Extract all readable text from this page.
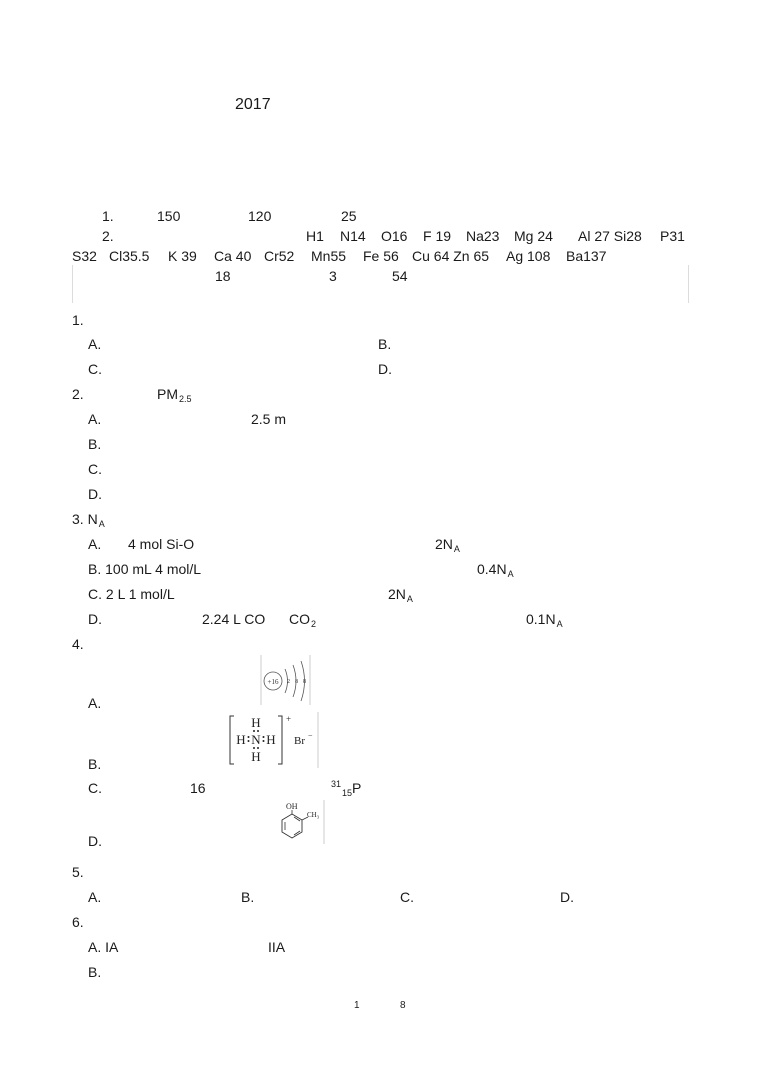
2017
1.	150	120	25
2.	H1 N14 O16 F 19 Na23 Mg 24 Al 27 Si28 P31
S32 Cl35.5 K 39 Ca 40 Cr52 Mn55 Fe 56 Cu 64 Zn 65 Ag 108 Ba137
18	3	54
1.
A.	B.
C.	D.
2.	$PM_{2.5}$
A.	2.5 m
B.
C.
D.
3. $N_A$
A. 4 mol Si-O	$2N_A$
B. 100 mL 4 mol/L	$0.4N_A$
C. 2 L 1 mol/L	$2N_A$
D.	2.24 L CO $CO_2$	$0.1N_A$
4.
+16 2 8 8
A.
H
H N H
H
+
Br −
B.
C.	16	$^{31}_{15}$P
OH
CH₃
D.
5.
A.	B.	C.	D.
6.
A. IA	IIA
B.
1	8
